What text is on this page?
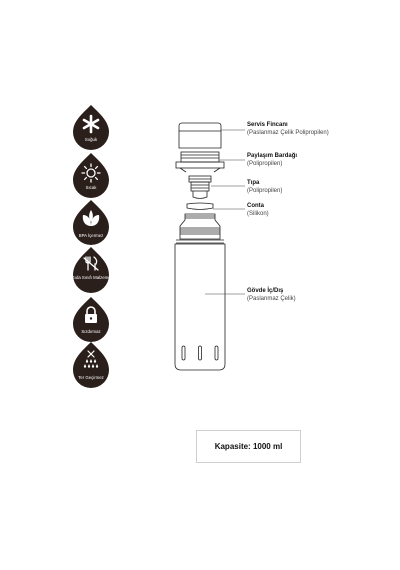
Soğuk
Sıcak
BPA İçermez
Gıda Sınıfı Malzeme
Sızdırmaz
Ter Geçirmez
Servis Fincanı
(Paslanmaz Çelik Polipropilen)
Paylaşım Bardağı
(Polipropilen)
Tıpa
(Polipropilen)
Conta
(Silikon)
Gövde İç/Dış
(Paslanmaz Çelik)
Kapasite: 1000 ml
